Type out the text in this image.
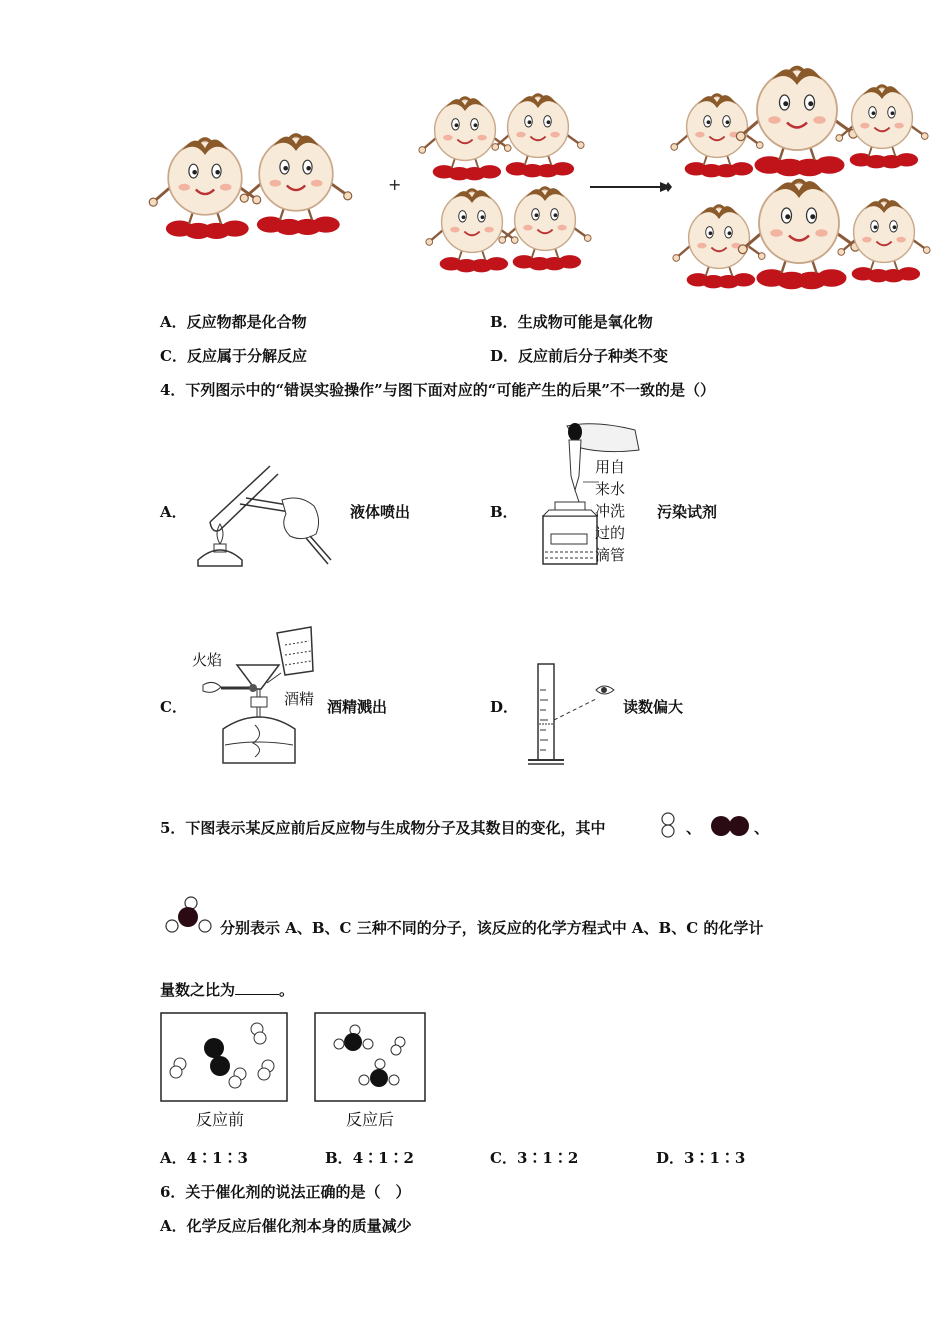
+
A．反应物都是化合物	B．生成物可能是氧化物
C．反应属于分解反应	D．反应前后分子种类不变
4．下列图示中的“错误实验操作”与图下面对应的“可能产生的后果”不一致的是（）
A．	液体喷出	B．
用自
来水
冲洗
过的
滴管
污染试剂
C．
火焰
酒精 酒精溅出	D．	读数偏大
5．下图表示某反应前后反应物与生成物分子及其数目的变化，其中	、	、
分别表示 A、B、C 三种不同的分子，该反应的化学方程式中 A、B、C 的化学计
量数之比为	。
反应前	反应后
A．4∶1∶3	B．4∶1∶2	C．3∶1∶2	D．3∶1∶3
6．关于催化剂的说法正确的是（　）
A．化学反应后催化剂本身的质量减少
